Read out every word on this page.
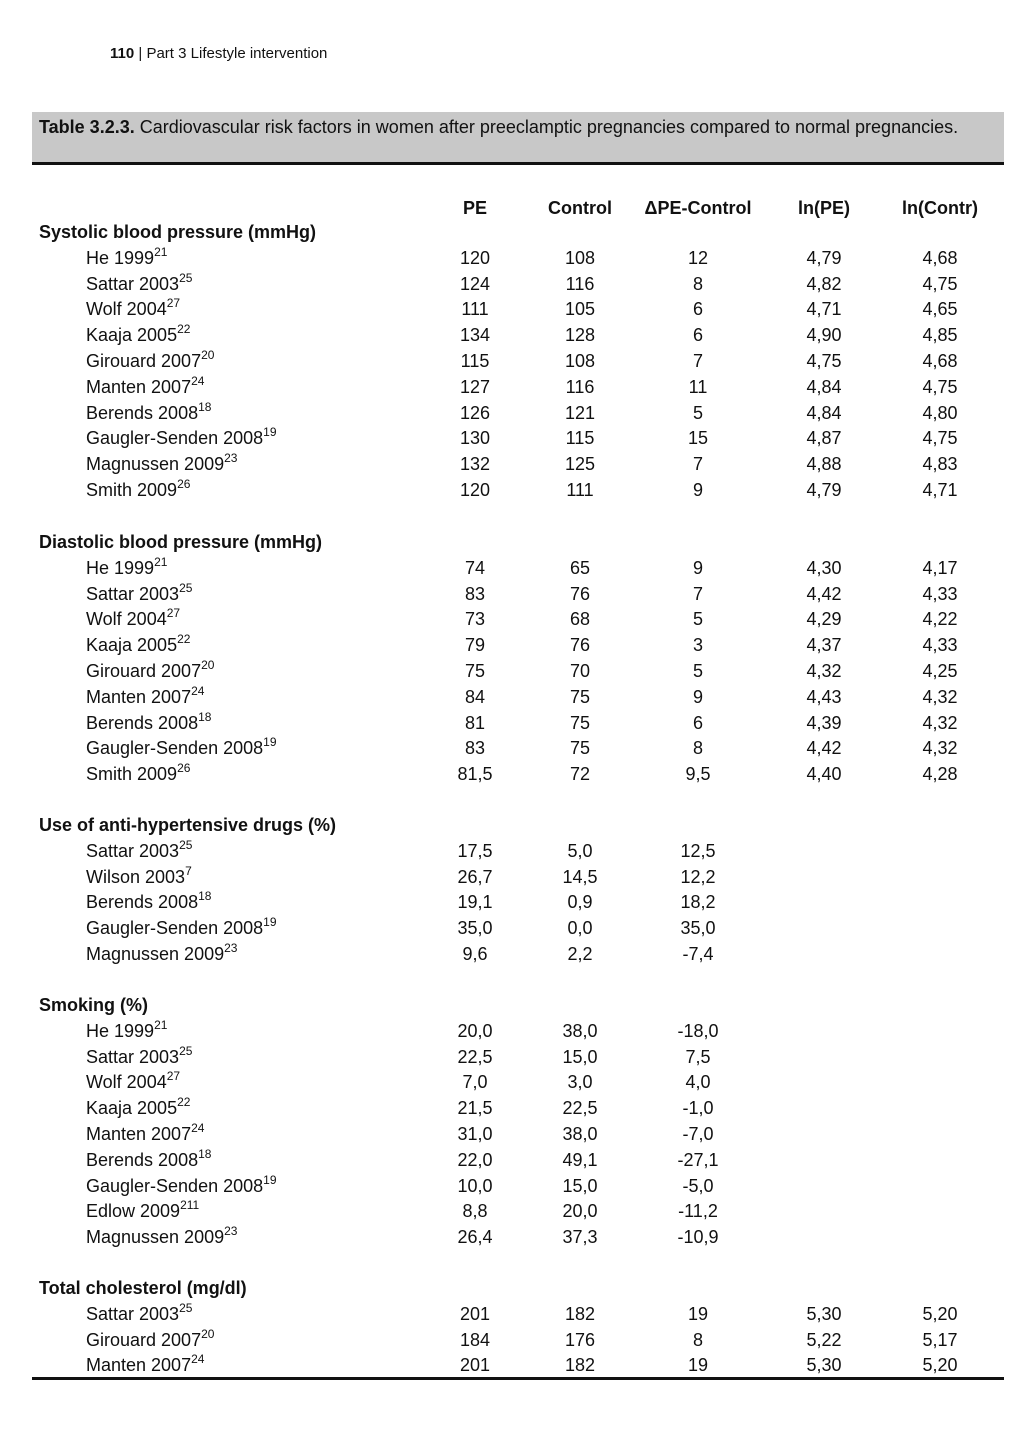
110 | Part 3 Lifestyle intervention
Table 3.2.3. Cardiovascular risk factors in women after preeclamptic pregnancies compared to normal pregnancies.
PE	Control	ΔPE-Control	ln(PE)	ln(Contr)
Systolic blood pressure (mmHg)
He 1999$^{21}$	120	108	12	4,79	4,68
Sattar 2003$^{25}$	124	116	8	4,82	4,75
Wolf 2004$^{27}$	111	105	6	4,71	4,65
Kaaja 2005$^{22}$	134	128	6	4,90	4,85
Girouard 2007$^{20}$	115	108	7	4,75	4,68
Manten 2007$^{24}$	127	116	11	4,84	4,75
Berends 2008$^{18}$	126	121	5	4,84	4,80
Gaugler-Senden 2008$^{19}$	130	115	15	4,87	4,75
Magnussen 2009$^{23}$	132	125	7	4,88	4,83
Smith 2009$^{26}$	120	111	9	4,79	4,71
Diastolic blood pressure (mmHg)
He 1999$^{21}$	74	65	9	4,30	4,17
Sattar 2003$^{25}$	83	76	7	4,42	4,33
Wolf 2004$^{27}$	73	68	5	4,29	4,22
Kaaja 2005$^{22}$	79	76	3	4,37	4,33
Girouard 2007$^{20}$	75	70	5	4,32	4,25
Manten 2007$^{24}$	84	75	9	4,43	4,32
Berends 2008$^{18}$	81	75	6	4,39	4,32
Gaugler-Senden 2008$^{19}$	83	75	8	4,42	4,32
Smith 2009$^{26}$	81,5	72	9,5	4,40	4,28
Use of anti-hypertensive drugs (%)
Sattar 2003$^{25}$	17,5	5,0	12,5
Wilson 2003$^7$	26,7	14,5	12,2
Berends 2008$^{18}$	19,1	0,9	18,2
Gaugler-Senden 2008$^{19}$	35,0	0,0	35,0
Magnussen 2009$^{23}$	9,6	2,2	-7,4
Smoking (%)
He 1999$^{21}$	20,0	38,0	-18,0
Sattar 2003$^{25}$	22,5	15,0	7,5
Wolf 2004$^{27}$	7,0	3,0	4,0
Kaaja 2005$^{22}$	21,5	22,5	-1,0
Manten 2007$^{24}$	31,0	38,0	-7,0
Berends 2008$^{18}$	22,0	49,1	-27,1
Gaugler-Senden 2008$^{19}$	10,0	15,0	-5,0
Edlow 2009$^{211}$	8,8	20,0	-11,2
Magnussen 2009$^{23}$	26,4	37,3	-10,9
Total cholesterol (mg/dl)
Sattar 2003$^{25}$	201	182	19	5,30	5,20
Girouard 2007$^{20}$	184	176	8	5,22	5,17
Manten 2007$^{24}$	201	182	19	5,30	5,20
